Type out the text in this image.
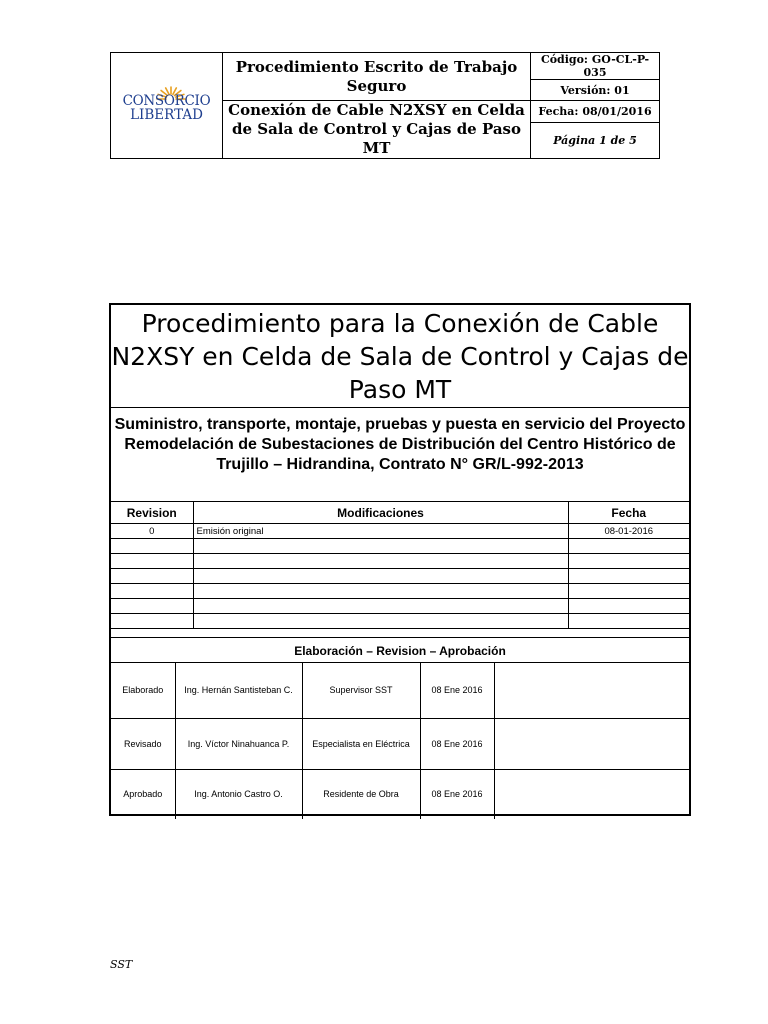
CONSORCIO
LIBERTAD	Procedimiento Escrito de Trabajo Seguro	Código: GO-CL-P-035
		Versión: 01
	Conexión de Cable N2XSY en Celda de Sala de Control y Cajas de Paso MT	Fecha: 08/01/2016
		Página 1 de 5
Procedimiento para la Conexión de Cable N2XSY en Celda de Sala de Control y Cajas de Paso MT
Suministro, transporte, montaje, pruebas y puesta en servicio del Proyecto Remodelación de Subestaciones de Distribución del Centro Histórico de Trujillo – Hidrandina, Contrato N° GR/L-992-2013
Revision	Modificaciones	Fecha
0	Emisión original	08-01-2016

Elaboración – Revision – Aprobación
Elaborado	Ing. Hernán Santisteban C.	Supervisor SST	08 Ene 2016	
Revisado	Ing. Víctor Ninahuanca P.	Especialista en Eléctrica	08 Ene 2016	
Aprobado	Ing. Antonio Castro O.	Residente de Obra	08 Ene 2016	
SST
